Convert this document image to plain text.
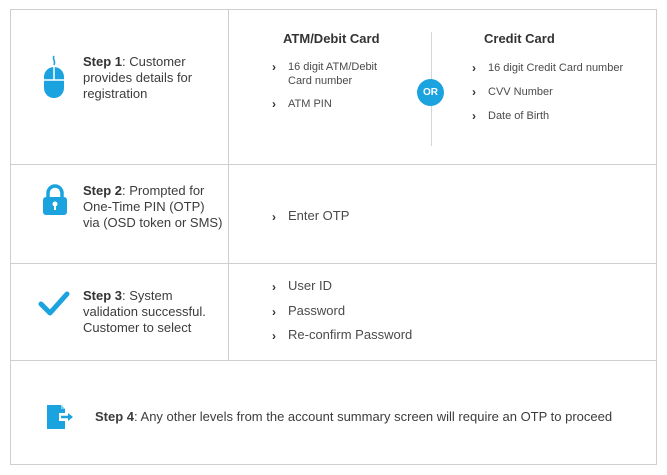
Step 1: Customer provides details for registration
ATM/Debit Card
› 16 digit ATM/Debit Card number
› ATM PIN
OR
Credit Card
› 16 digit Credit Card number
› CVV Number
› Date of Birth
Step 2: Prompted for One-Time PIN (OTP) via (OSD token or SMS)	› Enter OTP
Step 3: System validation successful. Customer to select
› User ID
› Password
› Re-confirm Password
Step 4: Any other levels from the account summary screen will require an OTP to proceed
